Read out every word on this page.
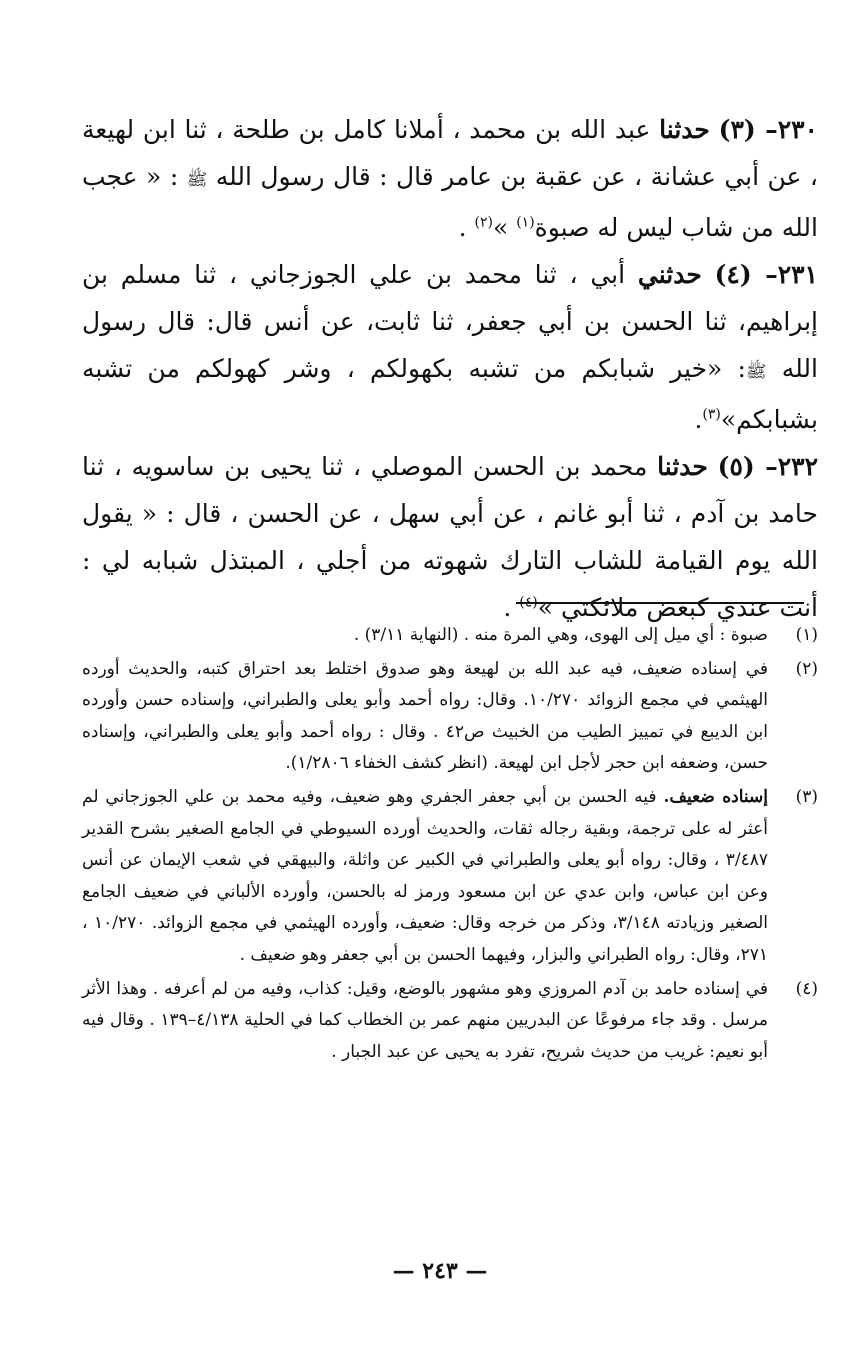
٢٣٠– (٣) حدثنا عبد الله بن محمد ، أملانا كامل بن طلحة ، ثنا ابن لهيعة ، عن أبي عشانة ، عن عقبة بن عامر قال : قال رسول الله ﷺ : « عجب الله من شاب ليس له صبوة$^{(١)}$ »$^{(٢)}$ .

٢٣١– (٤) حدثني أبي ، ثنا محمد بن علي الجوزجاني ، ثنا مسلم بن إبراهيم، ثنا الحسن بن أبي جعفر، ثنا ثابت، عن أنس قال: قال رسول الله ﷺ: «خير شبابكم من تشبه بكهولكم ، وشر كهولكم من تشبه بشبابكم»$^{(٣)}$.

٢٣٢– (٥) حدثنا محمد بن الحسن الموصلي ، ثنا يحيى بن ساسويه ، ثنا حامد بن آدم ، ثنا أبو غانم ، عن أبي سهل ، عن الحسن ، قال : « يقول الله يوم القيامة للشاب التارك شهوته من أجلي ، المبتذل شبابه لي : أنت عندي كبعض ملائكتي »$^{(٤)}$ .

(١)
صبوة : أي ميل إلى الهوى، وهي المرة منه . (النهاية ٣/١١) .
(٢)
في إسناده ضعيف، فيه عبد الله بن لهيعة وهو صدوق اختلط بعد احتراق كتبه، والحديث أورده الهيثمي في مجمع الزوائد ١٠/٢٧٠. وقال: رواه أحمد وأبو يعلى والطبراني، وإسناده حسن وأورده ابن الديبع في تمييز الطيب من الخبيث ص٤٢ . وقال : رواه أحمد وأبو يعلى والطبراني، وإسناده حسن، وضعفه ابن حجر لأجل ابن لهيعة. (انظر كشف الخفاء ١/٢٨٠٦).
(٣)
إسناده ضعيف. فيه الحسن بن أبي جعفر الجفري وهو ضعيف، وفيه محمد بن علي الجوزجاني لم أعثر له على ترجمة، وبقية رجاله ثقات، والحديث أورده السيوطي في الجامع الصغير بشرح القدير ٣/٤٨٧ ، وقال: رواه أبو يعلى والطبراني في الكبير عن واثلة، والبيهقي في شعب الإيمان عن أنس وعن ابن عباس، وابن عدي عن ابن مسعود ورمز له بالحسن، وأورده الألباني في ضعيف الجامع الصغير وزيادته ٣/١٤٨، وذكر من خرجه وقال: ضعيف، وأورده الهيثمي في مجمع الزوائد. ١٠/٢٧٠ ، ٢٧١، وقال: رواه الطبراني والبزار، وفيهما الحسن بن أبي جعفر وهو ضعيف .
(٤)
في إسناده حامد بن آدم المروزي وهو مشهور بالوضع، وقيل: كذاب، وفيه من لم أعرفه . وهذا الأثر مرسل . وقد جاء مرفوعًا عن البدريين منهم عمر بن الخطاب كما في الحلية ٤/١٣٨–١٣٩ . وقال فيه أبو نعيم: غريب من حديث شريح، تفرد به يحيى عن عبد الجبار .
— ٢٤٣ —
